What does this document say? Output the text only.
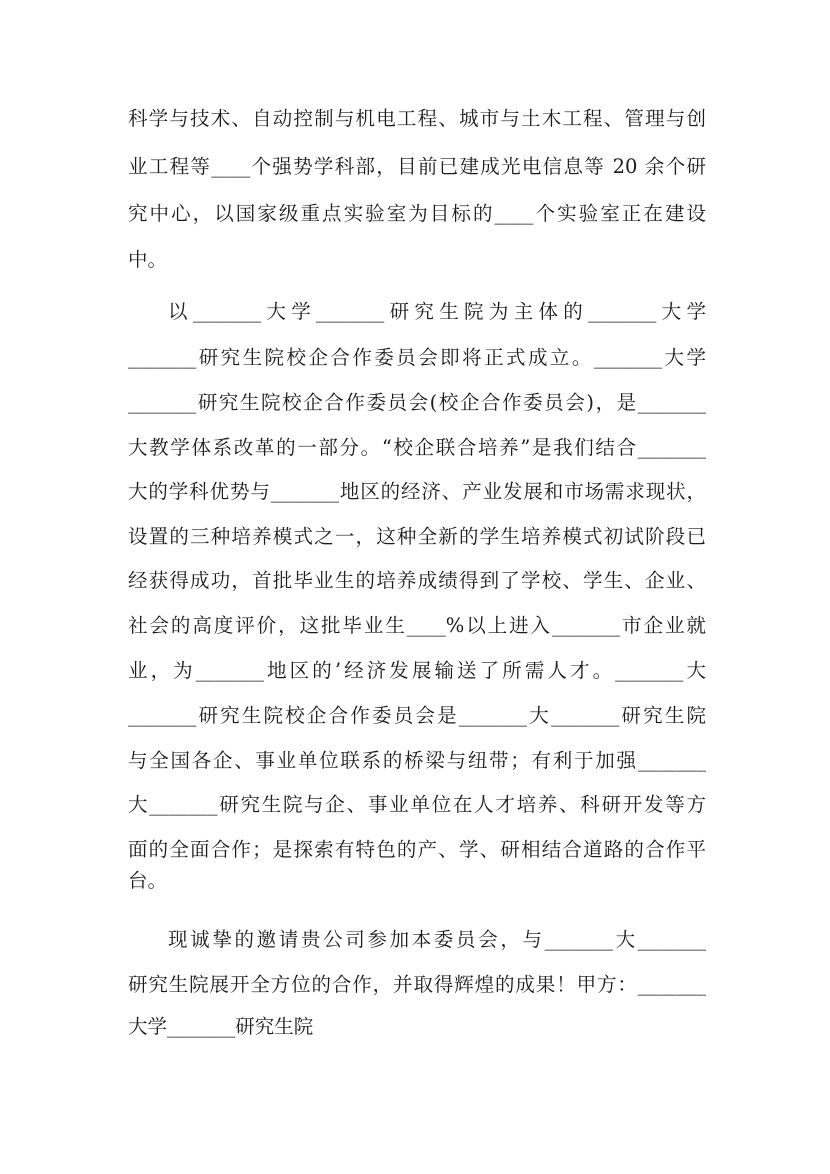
科学与技术、自动控制与机电工程、城市与土木工程、管理与创
业工程等____个强势学科部，目前已建成光电信息等 20 余个研
究中心，以国家级重点实验室为目标的____个实验室正在建设
中。
以_______大学_______研究生院为主体的_______大学
_______研究生院校企合作委员会即将正式成立。_______大学
_______研究生院校企合作委员会(校企合作委员会)，是_______
大教学体系改革的一部分。“校企联合培养”是我们结合_______
大的学科优势与_______地区的经济、产业发展和市场需求现状，
设置的三种培养模式之一，这种全新的学生培养模式初试阶段已
经获得成功，首批毕业生的培养成绩得到了学校、学生、企业、
社会的高度评价，这批毕业生____%以上进入_______市企业就
业，为_______地区的’经济发展输送了所需人才。_______大
_______研究生院校企合作委员会是_______大_______研究生院
与全国各企、事业单位联系的桥梁与纽带；有利于加强_______
大_______研究生院与企、事业单位在人才培养、科研开发等方
面的全面合作；是探索有特色的产、学、研相结合道路的合作平
台。
现诚挚的邀请贵公司参加本委员会，与_______大_______
研究生院展开全方位的合作，并取得辉煌的成果！甲方：_______
大学_______研究生院
